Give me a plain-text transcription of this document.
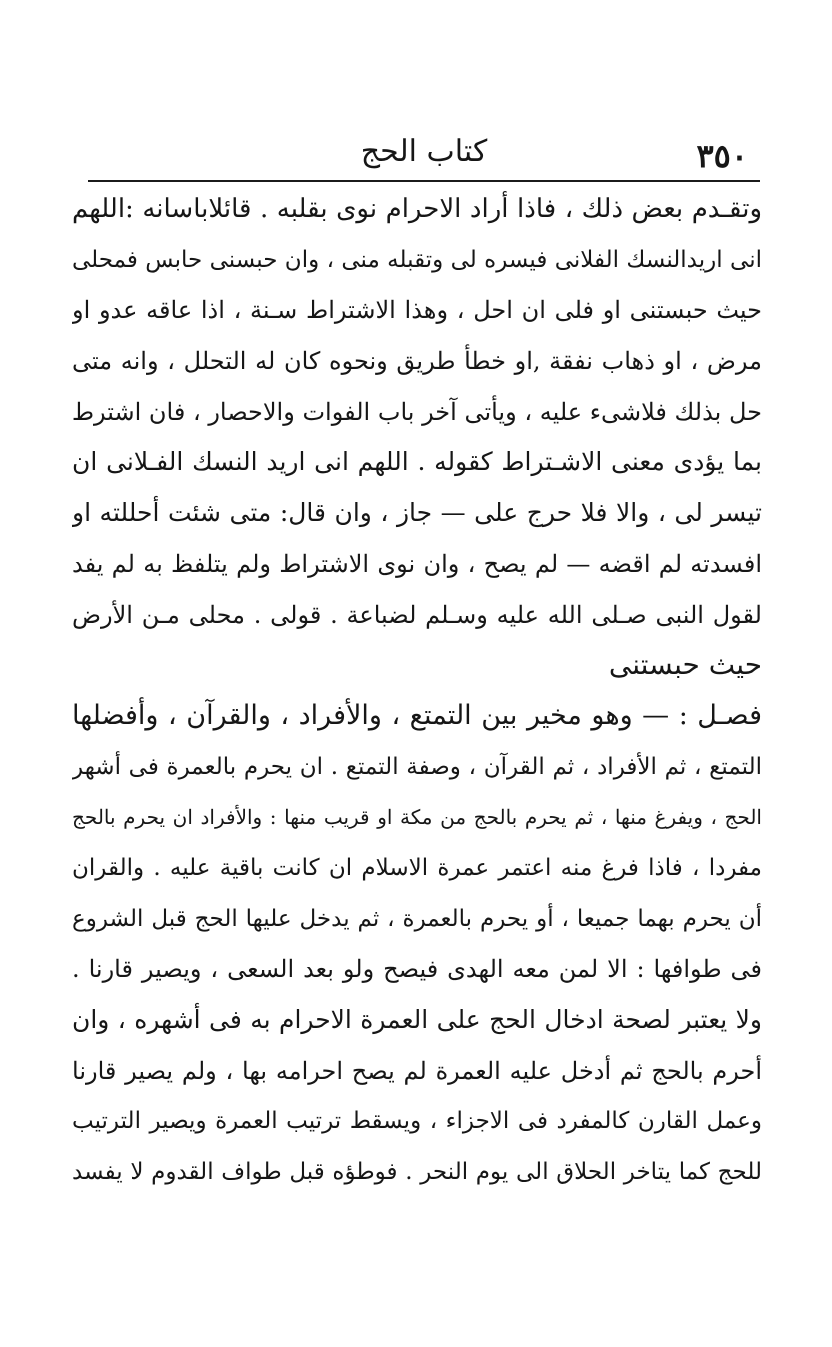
٣٥٠
كتاب الحج
وتقـدم بعض ذلك ، فاذا أراد الاحرام نوى بقلبه . قائلاباسانه :اللهم
انى اريدالنسك الفلانى فيسره لى وتقبله منى ، وان حبسنى حابس فمحلى
حيث حبستنى او فلى ان احل ، وهذا الاشتراط سـنة ، اذا عاقه عدو او
مرض ، او ذهاب نفقة ,او خطأ طريق ونحوه كان له التحلل ، وانه متى
حل بذلك فلاشىء عليه ، ويأتى آخر باب الفوات والاحصار ، فان اشترط
بما يؤدى معنى الاشـتراط كقوله . اللهم انى اريد النسك الفـلانى ان
تيسر لى ، والا فلا حرج على — جاز ، وان قال: متى شئت أحللته او
افسدته لم اقضه — لم يصح ، وان نوى الاشتراط ولم يتلفظ به لم يفد
لقول النبى صـلى الله عليه وسـلم لضباعة . قولى . محلى مـن الأرض
حيث حبستنى
فصـل : — وهو مخير بين التمتع ، والأفراد ، والقرآن ، وأفضلها
التمتع ، ثم الأفراد ، ثم القرآن ، وصفة التمتع . ان يحرم بالعمرة فى أشهر
الحج ، ويفرغ منها ، ثم يحرم بالحج من مكة او قريب منها : والأفراد ان يحرم بالحج
مفردا ، فاذا فرغ منه اعتمر عمرة الاسلام ان كانت باقية عليه . والقران
أن يحرم بهما جميعا ، أو يحرم بالعمرة ، ثم يدخل عليها الحج قبل الشروع
فى طوافها : الا لمن معه الهدى فيصح ولو بعد السعى ، ويصير قارنا .
ولا يعتبر لصحة ادخال الحج على العمرة الاحرام به فى أشهره ، وان
أحرم بالحج ثم أدخل عليه العمرة لم يصح احرامه بها ، ولم يصير قارنا
وعمل القارن كالمفرد فى الاجزاء ، ويسقط ترتيب العمرة ويصير الترتيب
للحج كما يتاخر الحلاق الى يوم النحر . فوطؤه قبل طواف القدوم لا يفسد
